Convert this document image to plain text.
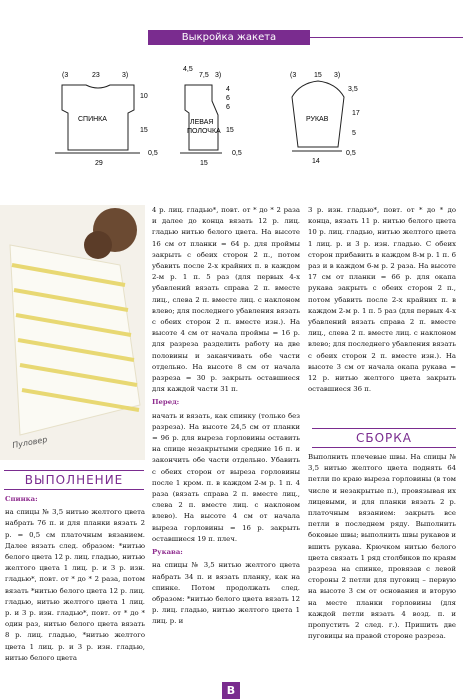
Выкройка жакета
СПИНКА
(3	23	3)
10
15
29
0,5
ЛЕВАЯ
ПОЛОЧКА
4,5
7,5 3)
4
6
6
15
15
0,5
РУКАВ
(3	15 3)
3,5
17
5
14
0,5
Пуловер
ВЫПОЛНЕНИЕ

Спинка:

на спицы № 3,5 нитью желтого цвета набрать 76 п. и для планки вязать 2 р. = 0,5 см платочным вязанием. Далее вязать след. образом: *нитью белого цвета 12 р. лиц. гладью, нитью желтого цвета 1 лиц. р. и 3 р. изн. гладью*, повт. от * до * 2 раза, потом вязать *нитью белого цвета 12 р. лиц. гладью, нитью желтого цвета 1 лиц. р. и 3 р. изн. гладью*, повт. от * до * один раз, нитью белого цвета вязать 8 р. лиц. гладью, *нитью желтого цвета 1 лиц. р. и 3 р. изн. гладью, нитью белого цвета

4 р. лиц. гладью*, повт. от * до * 2 раза и далее до конца вязать 12 р. лиц. гладью нитью белого цвета. На высоте 16 см от планки = 64 р. для проймы закрыть с обеих сторон 2 п., потом убавить после 2-х крайних п. в каждом 2-м р. 1 п. 5 раз (для первых 4-х убавлений вязать справа 2 п. вместе лиц., слева 2 п. вместе лиц. с наклоном влево; для последнего убавления вязать с обеих сторон 2 п. вместе изн.). На высоте 4 см от начала проймы = 16 р. для разреза разделить работу на две половины и заканчивать обе части отдельно. На высоте 8 см от начала разреза = 30 р. закрыть оставшиеся для каждой части 31 п.

Перед:

начать и вязать, как спинку (только без разреза). На высоте 24,5 см от планки = 96 р. для выреза горловины оставить на спице незакрытыми средние 16 п. и закончить обе части отдельно. Убавить с обеих сторон от выреза горловины после 1 кром. п. в каждом 2-м р. 1 п. 4 раза (вязать справа 2 п. вместе лиц., слева 2 п. вместе лиц. с наклоном влево). На высоте 4 см от начала выреза горловины = 16 р. закрыть оставшиеся 19 п. плеч.

Рукава:

на спицы № 3,5 нитью желтого цвета набрать 34 п. и вязать планку, как на спинке. Потом продолжать след. образом: *нитью белого цвета вязать 12 р. лиц. гладью, нитью желтого цвета 1 лиц. р. и

3 р. изн. гладью*, повт. от * до * до конца, вязать 11 р. нитью белого цвета 10 р. лиц. гладью, нитью желтого цвета 1 лиц. р. и 3 р. изн. гладью. С обеих сторон прибавить в каждом 8-м р. 1 п. 6 раз и в каждом 6-м р. 2 раза. На высоте 17 см от планки = 66 р. для окапа рукава закрыть с обеих сторон 2 п., потом убавить после 2-х крайних п. в каждом 2-м р. 1 п. 5 раз (для первых 4-х убавлений вязать справа 2 п. вместе лиц., слева 2 п. вместе лиц. с наклоном влево; для последнего убавления вязать с обеих сторон 2 п. вместе изн.). На высоте 3 см от начала окапа рукава = 12 р. нитью желтого цвета закрыть оставшиеся 36 п.

СБОРКА

Выполнить плечевые швы. На спицы № 3,5 нитью желтого цвета поднять 64 петли по краю выреза горловины (в том числе и незакрытые п.), провязывая их лицевыми, и для планки вязать 2 р. платочным вязанием: закрыть все петли в последнем ряду. Выполнить боковые швы; выполнить швы рукавов и вшить рукава. Крючком нитью белого цвета связать 1 ряд столбиков по краям разреза на спинке, провязав с левой стороны 2 петли для пуговиц – первую на высоте 3 см от основания и вторую на месте планки горловины (для каждой петли вязать 4 возд. п. и пропустить 2 след. г.). Пришить две пуговицы на правой стороне разреза.

В
